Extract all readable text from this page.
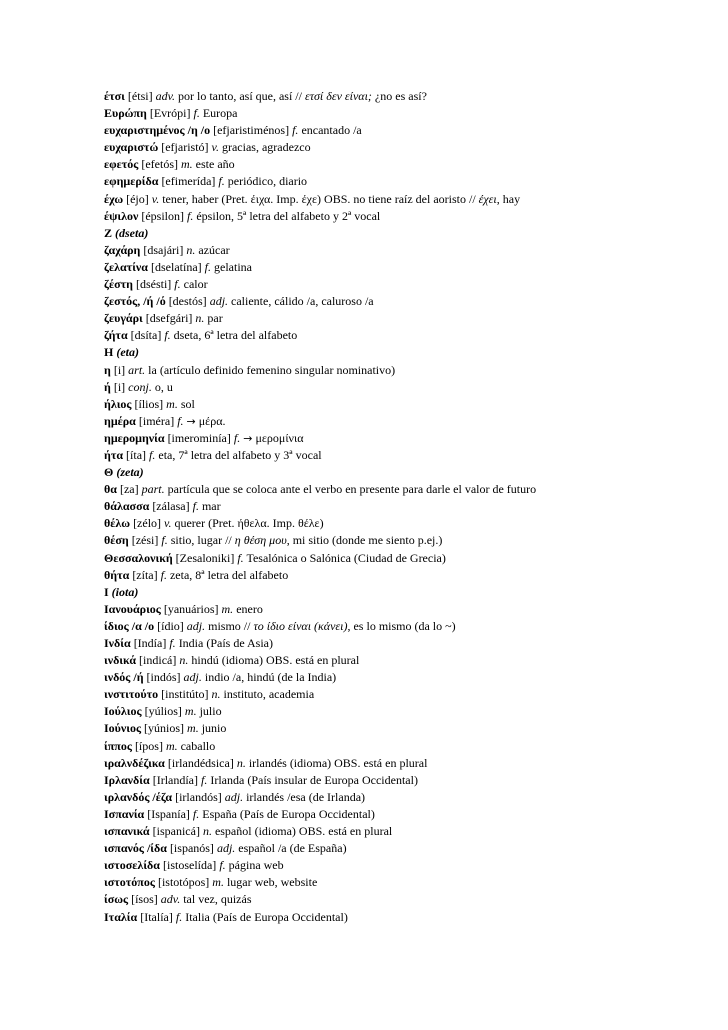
έτσι [étsi] adv. por lo tanto, así que, así // ετσί δεν είναι; ¿no es así?
Ευρώπη [Evrópi] f. Europa
ευχαριστημένος /η /ο [efjaristiménos] f. encantado /a
ευχαριστώ [efjaristó] v. gracias, agradezco
εφετός [efetós] m. este año
εφημερίδα [efimerída] f. periódico, diario
έχω [éjo] v. tener, haber (Pret. έιχα. Imp. έχε) OBS. no tiene raíz del aoristo // έχει, hay
έψιλον [épsilon] f. épsilon, 5ª letra del alfabeto y 2ª vocal
Ζ (dseta)
ζαχάρη [dsajári] n. azúcar
ζελατίνα [dselatína] f. gelatina
ζέστη [dsésti] f. calor
ζεστός, /ή /ό [destós] adj. caliente, cálido /a, caluroso /a
ζευγάρι [dsefgári] n. par
ζήτα [dsíta] f. dseta, 6ª letra del alfabeto
Η (eta)
η [i] art. la (artículo definido femenino singular nominativo)
ή [i] conj. o, u
ήλιος [ílios] m. sol
ημέρα [iméra] f. → μέρα.
ημερομηνία [imerominía] f. → μερομίνια
ήτα [íta] f. eta, 7ª letra del alfabeto y 3ª vocal
Θ (zeta)
θα [za] part. partícula que se coloca ante el verbo en presente para darle el valor de futuro
θάλασσα [zálasa] f. mar
θέλω [zélo] v. querer (Pret. ήθελα. Imp. θέλε)
θέση [zési] f. sitio, lugar // η θέση μου, mi sitio (donde me siento p.ej.)
Θεσσαλονική [Zesaloniki] f. Tesalónica o Salónica (Ciudad de Grecia)
θήτα [zíta] f. zeta, 8ª letra del alfabeto
Ι (iota)
Ιανουάριος [yanuários] m. enero
ίδιος /α /ο [ídio] adj. mismo // το ίδιο είναι (κάνει), es lo mismo (da lo ~)
Ινδία [Indía] f. India (País de Asia)
ινδικά [indicá] n. hindú (idioma) OBS. está en plural
ινδός /ή [indós] adj. indio /a, hindú (de la India)
ινστιτούτο [institúto] n. instituto, academia
Ιούλιος [yúlios] m. julio
Ιούνιος [yúnios] m. junio
ίππος [ípos] m. caballo
ιραλνδέζικα [irlandédsica] n. irlandés (idioma) OBS. está en plural
Ιρλανδία [Irlandía] f. Irlanda (País insular de Europa Occidental)
ιρλανδός /έζα [irlandós] adj. irlandés /esa (de Irlanda)
Ισπανία [Ispanía] f. España (País de Europa Occidental)
ισπανικά [ispanicá] n. español (idioma) OBS. está en plural
ισπανός /ίδα [ispanós] adj. español /a (de España)
ιστοσελίδα [istoselída] f. página web
ιστοτόπος [istotópos] m. lugar web, website
ίσως [ísos] adv. tal vez, quizás
Ιταλία [Italía] f. Italia (País de Europa Occidental)
